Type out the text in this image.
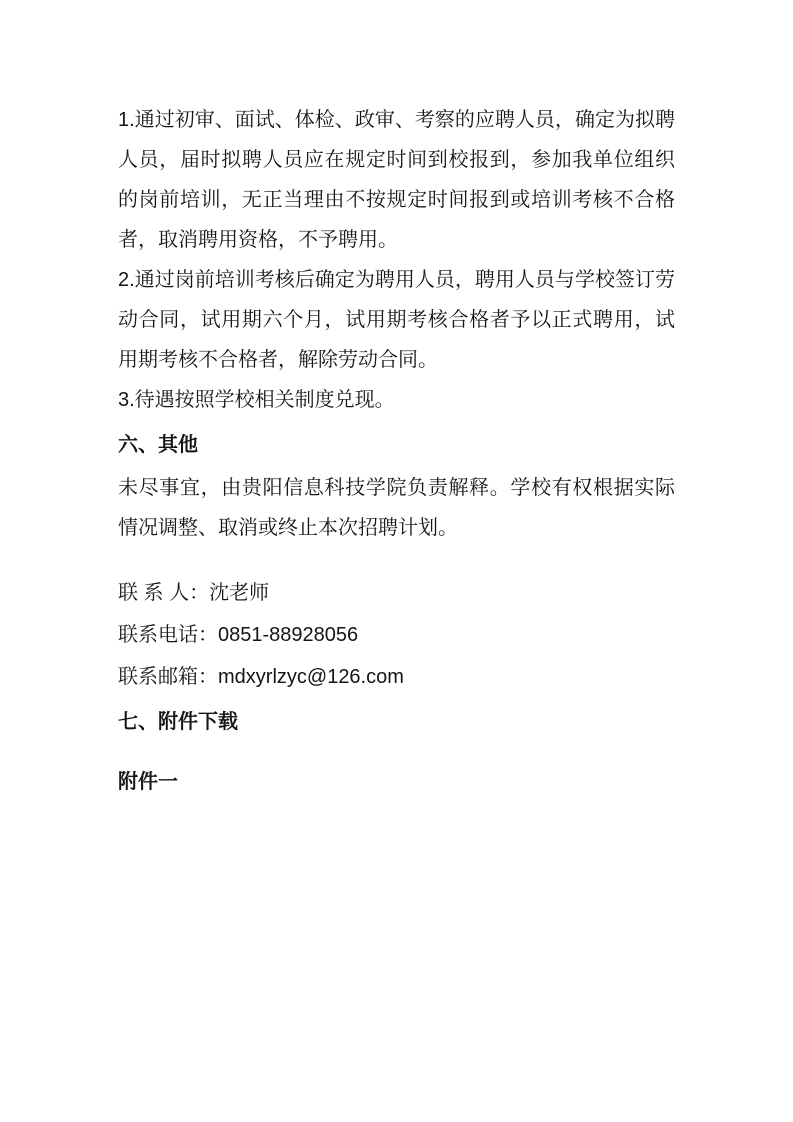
1.通过初审、面试、体检、政审、考察的应聘人员，确定为拟聘人员，届时拟聘人员应在规定时间到校报到，参加我单位组织的岗前培训，无正当理由不按规定时间报到或培训考核不合格者，取消聘用资格，不予聘用。

2.通过岗前培训考核后确定为聘用人员，聘用人员与学校签订劳动合同，试用期六个月，试用期考核合格者予以正式聘用，试用期考核不合格者，解除劳动合同。

3.待遇按照学校相关制度兑现。

六、其他

未尽事宜，由贵阳信息科技学院负责解释。学校有权根据实际情况调整、取消或终止本次招聘计划。

联 系 人：沈老师

联系电话：0851-88928056

联系邮箱：mdxyrlzyc@126.com

七、附件下载

附件一
